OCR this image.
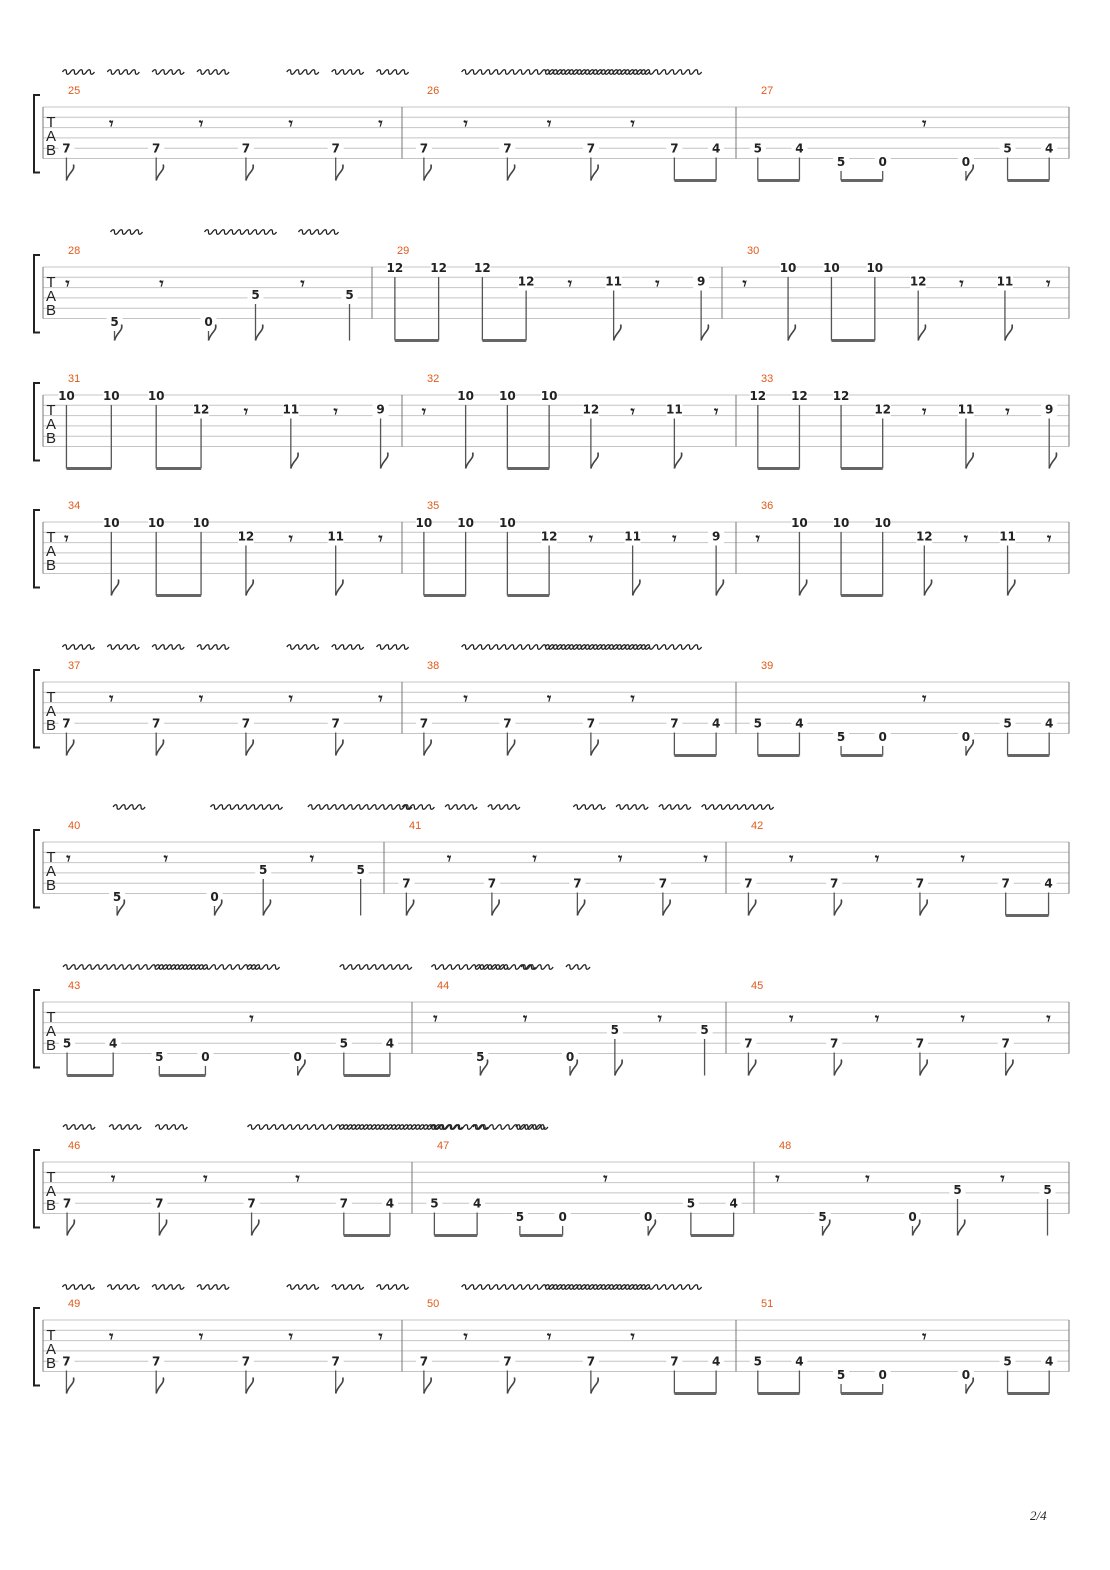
T
A
B
25
7
𝄾
7
𝄾
7
𝄾
7
𝄾
26
7
𝄾
7
𝄾
7
𝄾
7	4
27
5	4
5	0
𝄾
0
5	4
T
A
B
28
𝄾
5
𝄾
0
5
𝄾
5
29
12 12 12
12 𝄾	11 𝄾	9
30
𝄾
10 10 10
12 𝄾	11 𝄾
T
A
B
31
10 10 10
12 𝄾	11 𝄾	9
32
𝄾
10 10 10
12 𝄾	11 𝄾
33
12 12 12
12 𝄾	11 𝄾	9
T
A
B
34
𝄾
10 10 10
12 𝄾	11 𝄾
35
10 10 10
12 𝄾	11 𝄾	9
36
𝄾
10 10 10
12 𝄾	11 𝄾
T
A
B
37
7
𝄾
7
𝄾
7
𝄾
7
𝄾
38
7
𝄾
7
𝄾
7
𝄾
7	4
39
5	4
5	0
𝄾
0
5	4
T
A
B
40
𝄾
5
𝄾
0
5
𝄾
5
41
7
𝄾
7
𝄾
7
𝄾
7
𝄾
42
7
𝄾
7
𝄾
7
𝄾
7	4
T
A
B
43
5	4
5	0
𝄾
0
5	4
44
𝄾
5
𝄾
0
5
𝄾
5
45
7
𝄾
7
𝄾
7
𝄾
7
𝄾
T
A
B
46
7
𝄾
7
𝄾
7
𝄾
7	4
47
5	4
5	0
𝄾
0
5	4
48
𝄾
5
𝄾
0
5
𝄾
5
T
A
B
49
7
𝄾
7
𝄾
7
𝄾
7
𝄾
50
7
𝄾
7
𝄾
7
𝄾
7	4
51
5	4
5	0
𝄾
0
5	4
2/4
